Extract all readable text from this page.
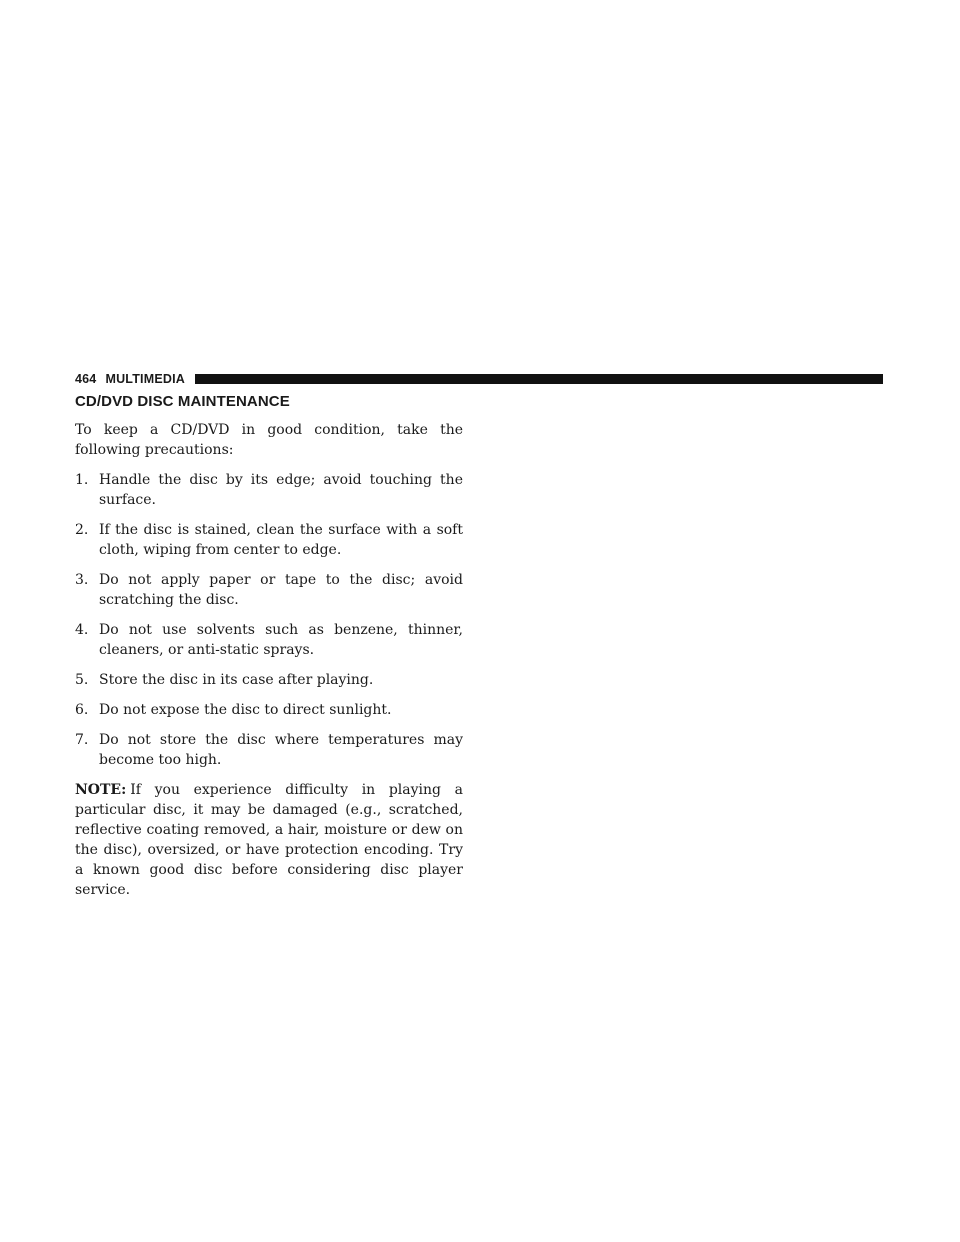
464 MULTIMEDIA
CD/DVD DISC MAINTENANCE

To keep a CD/DVD in good condition, take the following precautions:

1. Handle the disc by its edge; avoid touching the surface.
2. If the disc is stained, clean the surface with a soft cloth, wiping from center to edge.
3. Do not apply paper or tape to the disc; avoid scratching the disc.
4. Do not use solvents such as benzene, thinner, cleaners, or anti-static sprays.
5. Store the disc in its case after playing.
6. Do not expose the disc to direct sunlight.
7. Do not store the disc where temperatures may become too high.

NOTE: If you experience difficulty in playing a particular disc, it may be damaged (e.g., scratched, reflective coating removed, a hair, moisture or dew on the disc), oversized, or have protection encoding. Try a known good disc before considering disc player service.
